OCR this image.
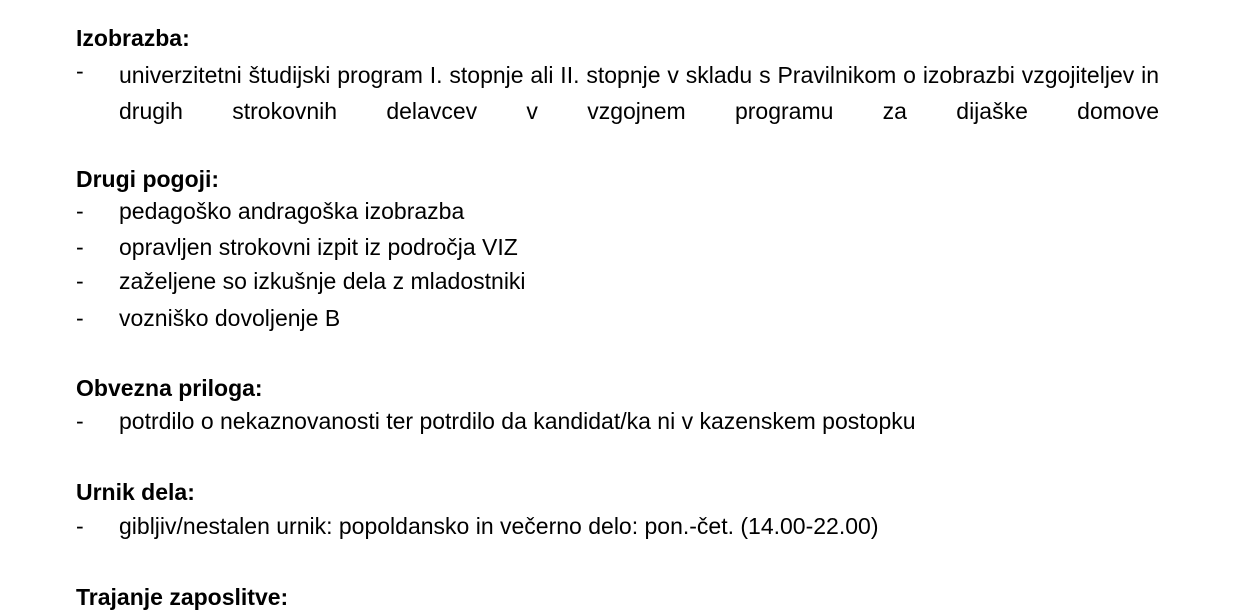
Izobrazba:
- univerzitetni študijski program I. stopnje ali II. stopnje v skladu s Pravilnikom o izobrazbi vzgojiteljev in drugih strokovnih delavcev v vzgojnem programu za dijaške domove
Drugi pogoji:
- pedagoško andragoška izobrazba
- opravljen strokovni izpit iz področja VIZ
- zaželjene so izkušnje dela z mladostniki
- vozniško dovoljenje B
Obvezna priloga:
- potrdilo o nekaznovanosti ter potrdilo da kandidat/ka ni v kazenskem postopku
Urnik dela:
- gibljiv/nestalen urnik: popoldansko in večerno delo: pon.-čet. (14.00-22.00)
Trajanje zaposlitve:
